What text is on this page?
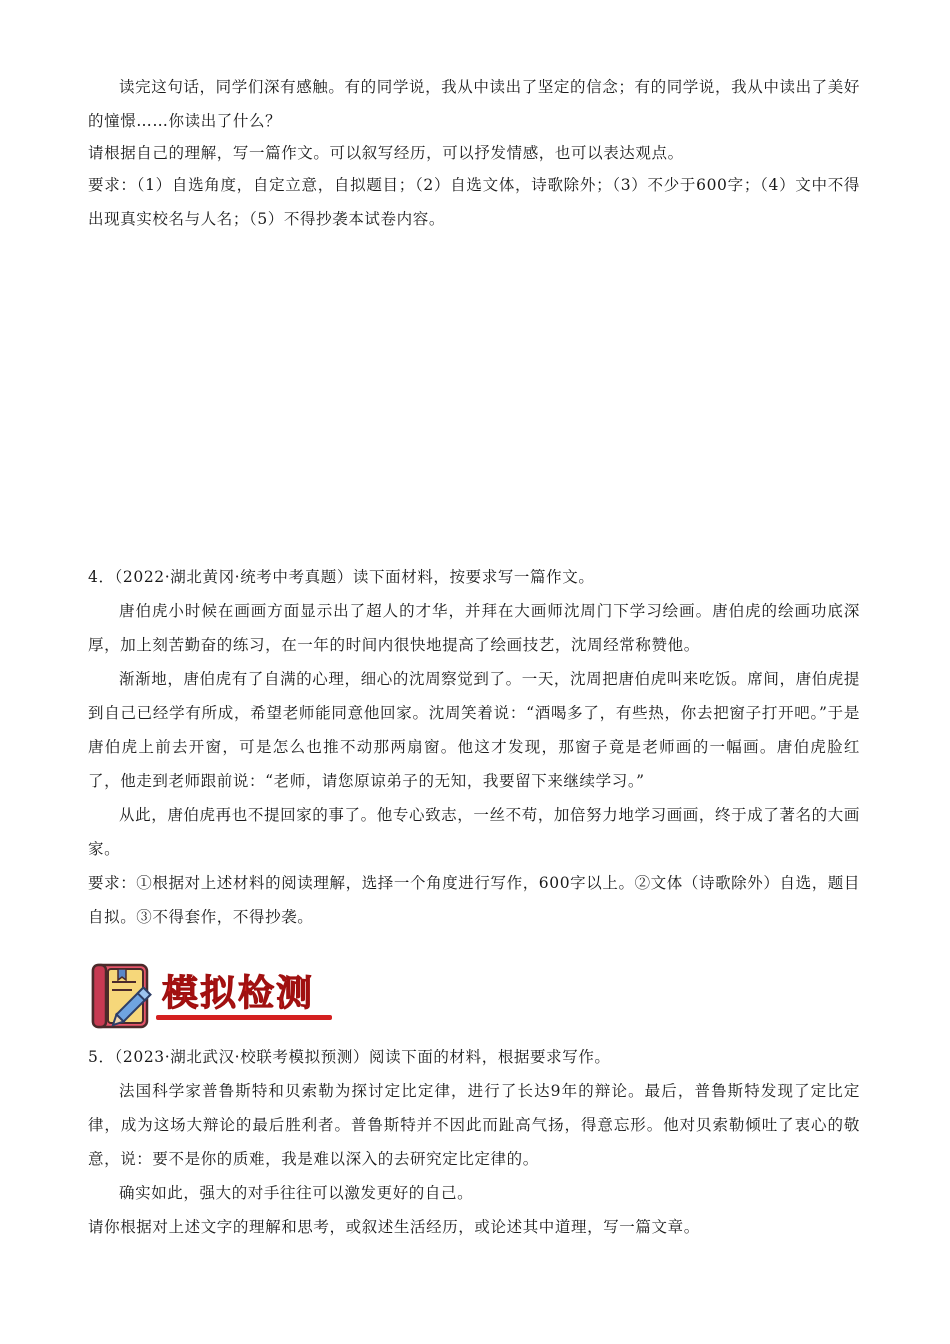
读完这句话，同学们深有感触。有的同学说，我从中读出了坚定的信念；有的同学说，我从中读出了美好的憧憬……你读出了什么？

请根据自己的理解，写一篇作文。可以叙写经历，可以抒发情感，也可以表达观点。

要求：（1）自选角度，自定立意，自拟题目；（2）自选文体，诗歌除外；（3）不少于600字；（4）文中不得出现真实校名与人名；（5）不得抄袭本试卷内容。

4．（2022·湖北黄冈·统考中考真题）读下面材料，按要求写一篇作文。

唐伯虎小时候在画画方面显示出了超人的才华，并拜在大画师沈周门下学习绘画。唐伯虎的绘画功底深厚，加上刻苦勤奋的练习，在一年的时间内很快地提高了绘画技艺，沈周经常称赞他。

渐渐地，唐伯虎有了自满的心理，细心的沈周察觉到了。一天，沈周把唐伯虎叫来吃饭。席间，唐伯虎提到自己已经学有所成，希望老师能同意他回家。沈周笑着说：“酒喝多了，有些热，你去把窗子打开吧。”于是唐伯虎上前去开窗，可是怎么也推不动那两扇窗。他这才发现，那窗子竟是老师画的一幅画。唐伯虎脸红了，他走到老师跟前说：“老师，请您原谅弟子的无知，我要留下来继续学习。”

从此，唐伯虎再也不提回家的事了。他专心致志，一丝不苟，加倍努力地学习画画，终于成了著名的大画家。

要求：①根据对上述材料的阅读理解，选择一个角度进行写作，600字以上。②文体（诗歌除外）自选，题目自拟。③不得套作，不得抄袭。

模拟检测

5．（2023·湖北武汉·校联考模拟预测）阅读下面的材料，根据要求写作。

法国科学家普鲁斯特和贝索勒为探讨定比定律，进行了长达9年的辩论。最后，普鲁斯特发现了定比定律，成为这场大辩论的最后胜利者。普鲁斯特并不因此而趾高气扬，得意忘形。他对贝索勒倾吐了衷心的敬意，说：要不是你的质难，我是难以深入的去研究定比定律的。

确实如此，强大的对手往往可以激发更好的自己。

请你根据对上述文字的理解和思考，或叙述生活经历，或论述其中道理，写一篇文章。
